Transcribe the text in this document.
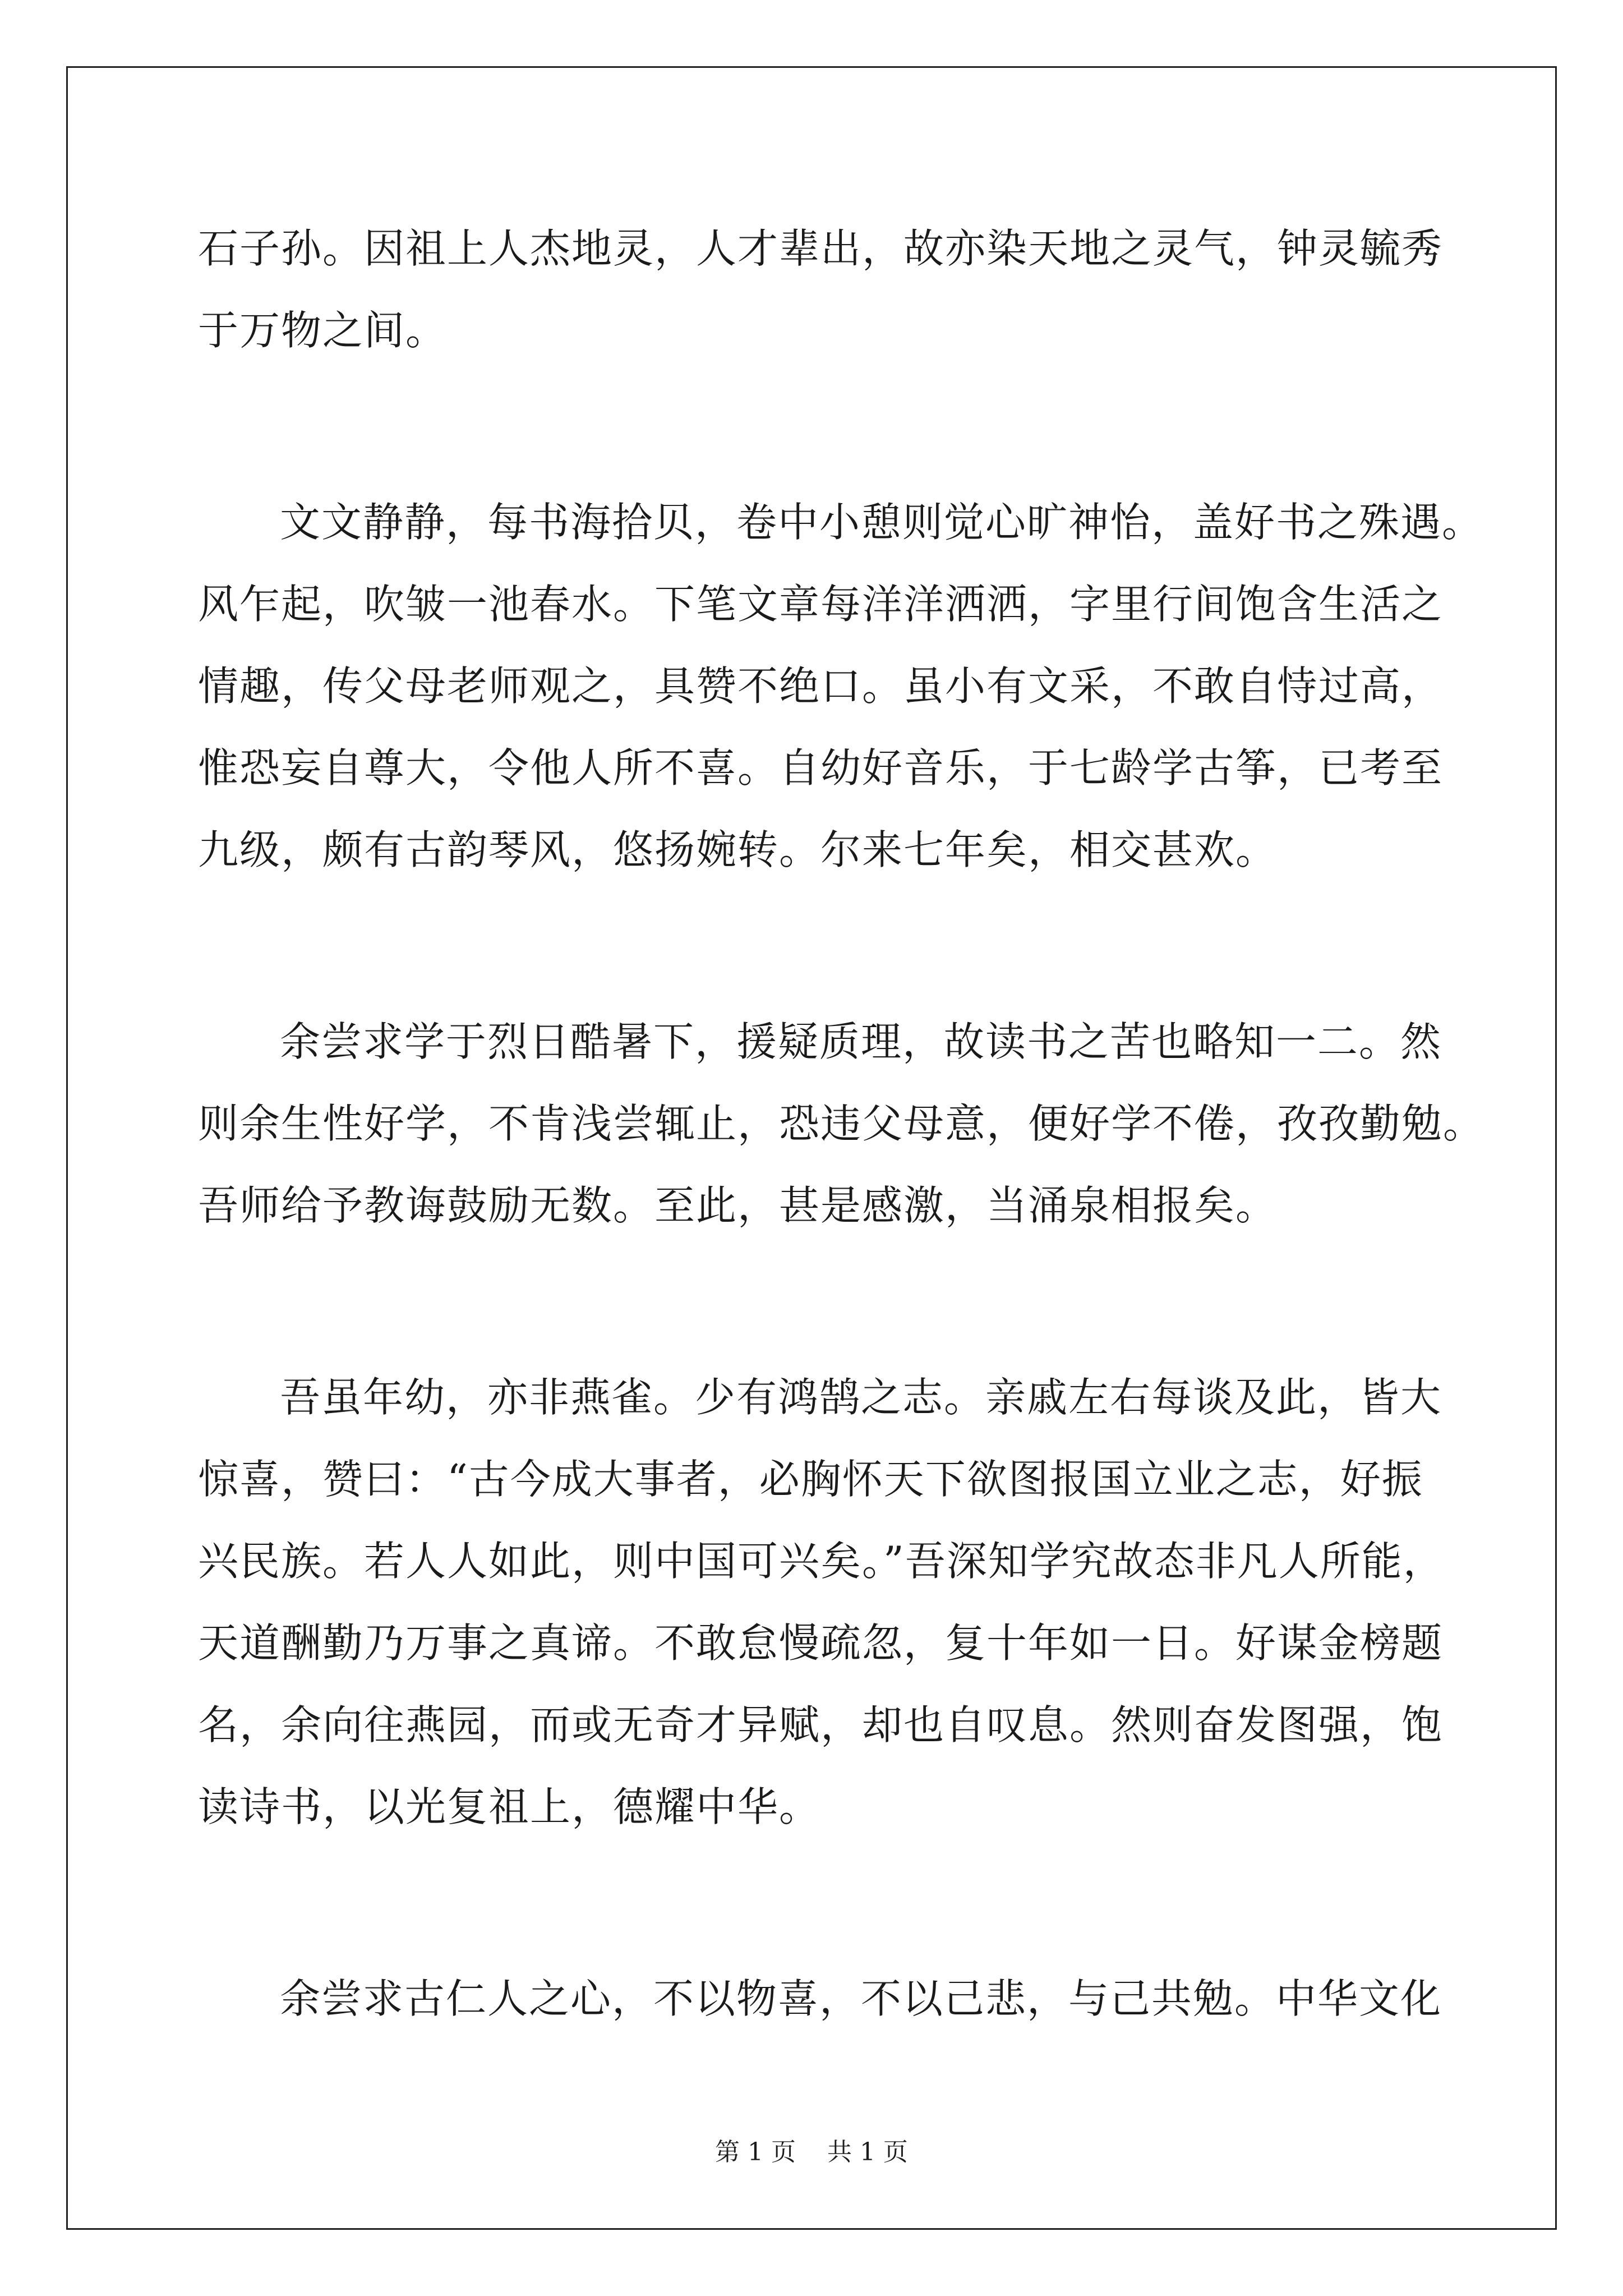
石子孙。因祖上人杰地灵，人才辈出，故亦染天地之灵气，钟灵毓秀
于万物之间。
文文静静，每书海拾贝，卷中小憩则觉心旷神怡，盖好书之殊遇。
风乍起，吹皱一池春水。下笔文章每洋洋洒洒，字里行间饱含生活之
情趣，传父母老师观之，具赞不绝口。虽小有文采，不敢自恃过高，
惟恐妄自尊大，令他人所不喜。自幼好音乐，于七龄学古筝，已考至
九级，颇有古韵琴风，悠扬婉转。尔来七年矣，相交甚欢。
余尝求学于烈日酷暑下，援疑质理，故读书之苦也略知一二。然
则余生性好学，不肯浅尝辄止，恐违父母意，便好学不倦，孜孜勤勉。
吾师给予教诲鼓励无数。至此，甚是感激，当涌泉相报矣。
吾虽年幼，亦非燕雀。少有鸿鹄之志。亲戚左右每谈及此，皆大
惊喜，赞曰：“古今成大事者，必胸怀天下欲图报国立业之志，好振
兴民族。若人人如此，则中国可兴矣。”吾深知学究故态非凡人所能，
天道酬勤乃万事之真谛。不敢怠慢疏忽，复十年如一日。好谋金榜题
名，余向往燕园，而或无奇才异赋，却也自叹息。然则奋发图强，饱
读诗书，以光复祖上，德耀中华。
余尝求古仁人之心，不以物喜，不以己悲，与己共勉。中华文化
第 1 页    共 1 页
